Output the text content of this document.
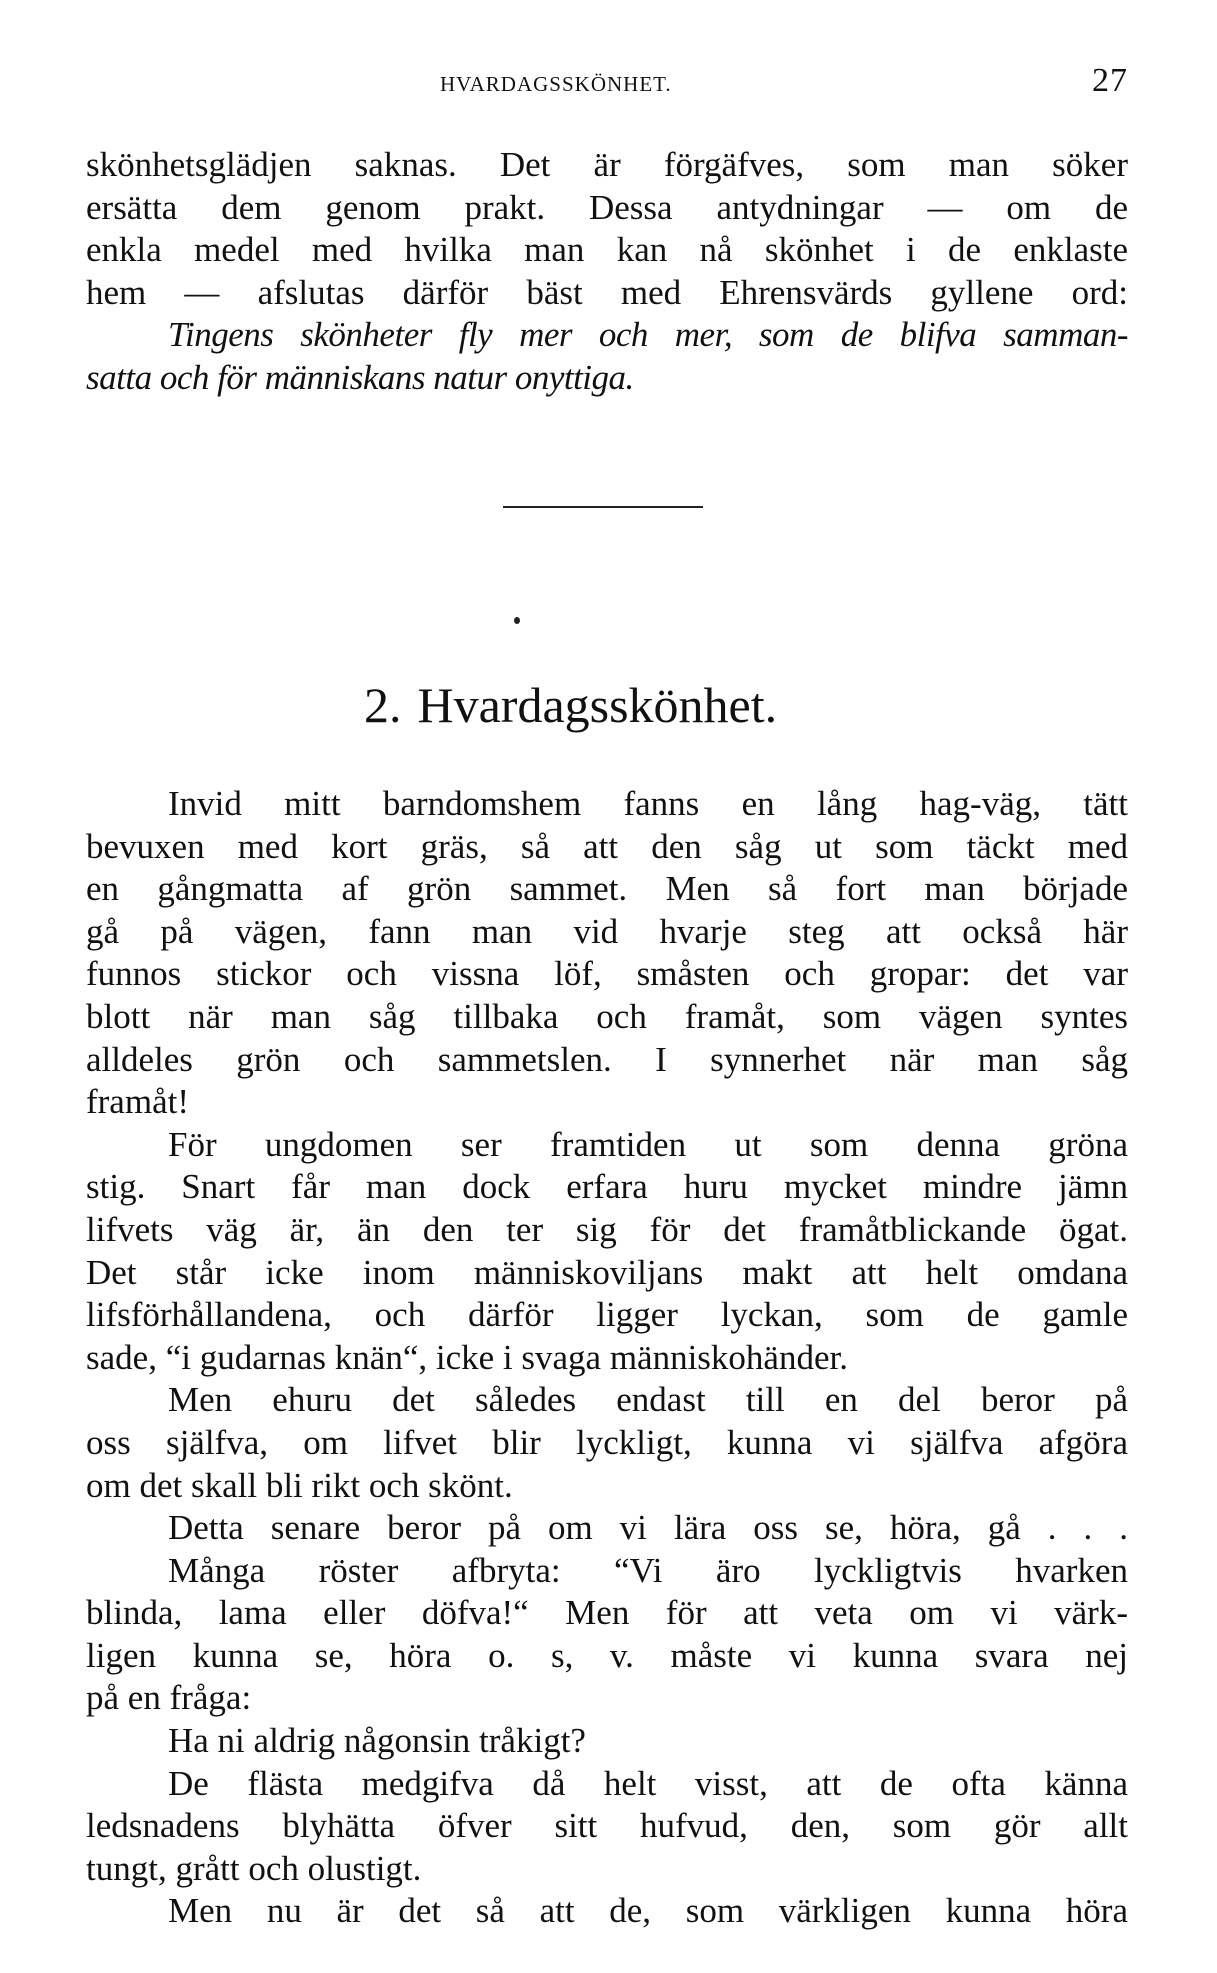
HVARDAGSSKÖNHET.	27
skönhetsglädjen saknas. Det är förgäfves, som man söker
ersätta dem genom prakt. Dessa antydningar — om de
enkla medel med hvilka man kan nå skönhet i de enklaste
hem — afslutas därför bäst med Ehrensvärds gyllene ord:
Tingens skönheter fly mer och mer, som de blifva samman-
satta och för människans natur onyttiga.
2. Hvardagsskönhet.
Invid mitt barndomshem fanns en lång hag-väg, tätt
bevuxen med kort gräs, så att den såg ut som täckt med
en gångmatta af grön sammet. Men så fort man började
gå på vägen, fann man vid hvarje steg att också här
funnos stickor och vissna löf, småsten och gropar: det var
blott när man såg tillbaka och framåt, som vägen syntes
alldeles grön och sammetslen. I synnerhet när man såg
framåt!
För ungdomen ser framtiden ut som denna gröna
stig. Snart får man dock erfara huru mycket mindre jämn
lifvets väg är, än den ter sig för det framåtblickande ögat.
Det står icke inom människoviljans makt att helt omdana
lifsförhållandena, och därför ligger lyckan, som de gamle
sade, “i gudarnas knän“, icke i svaga människohänder.
Men ehuru det således endast till en del beror på
oss själfva, om lifvet blir lyckligt, kunna vi själfva afgöra
om det skall bli rikt och skönt.
Detta senare beror på om vi lära oss se, höra, gå . . .
Många röster afbryta: “Vi äro lyckligtvis hvarken
blinda, lama eller döfva!“ Men för att veta om vi värk-
ligen kunna se, höra o. s, v. måste vi kunna svara nej
på en fråga:
Ha ni aldrig någonsin tråkigt?
De flästa medgifva då helt visst, att de ofta känna
ledsnadens blyhätta öfver sitt hufvud, den, som gör allt
tungt, grått och olustigt.
Men nu är det så att de, som värkligen kunna höra
